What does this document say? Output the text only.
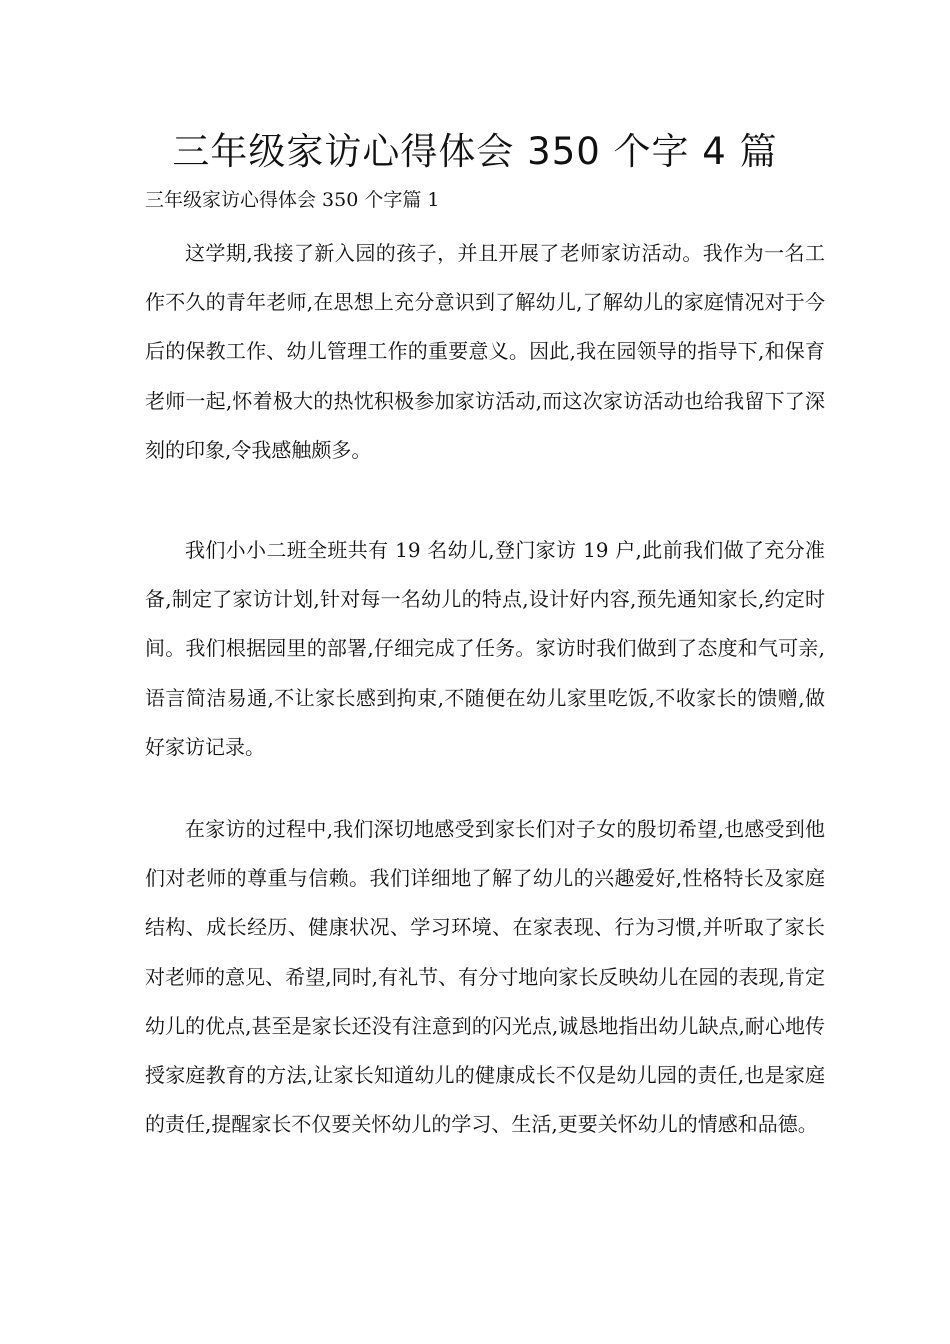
三年级家访心得体会 350 个字 4 篇
三年级家访心得体会 350 个字篇 1

这学期,我接了新入园的孩子，并且开展了老师家访活动。我作为一名工作不久的青年老师,在思想上充分意识到了解幼儿,了解幼儿的家庭情况对于今后的保教工作、幼儿管理工作的重要意义。因此,我在园领导的指导下,和保育老师一起,怀着极大的热忱积极参加家访活动,而这次家访活动也给我留下了深刻的印象,令我感触颇多。

我们小小二班全班共有 19 名幼儿,登门家访 19 户,此前我们做了充分准备,制定了家访计划,针对每一名幼儿的特点,设计好内容,预先通知家长,约定时间。我们根据园里的部署,仔细完成了任务。家访时我们做到了态度和气可亲,语言简洁易通,不让家长感到拘束,不随便在幼儿家里吃饭,不收家长的馈赠,做好家访记录。

在家访的过程中,我们深切地感受到家长们对子女的殷切希望,也感受到他们对老师的尊重与信赖。我们详细地了解了幼儿的兴趣爱好,性格特长及家庭结构、成长经历、健康状况、学习环境、在家表现、行为习惯,并听取了家长对老师的意见、希望,同时,有礼节、有分寸地向家长反映幼儿在园的表现,肯定幼儿的优点,甚至是家长还没有注意到的闪光点,诚恳地指出幼儿缺点,耐心地传授家庭教育的方法,让家长知道幼儿的健康成长不仅是幼儿园的责任,也是家庭的责任,提醒家长不仅要关怀幼儿的学习、生活,更要关怀幼儿的情感和品德。
